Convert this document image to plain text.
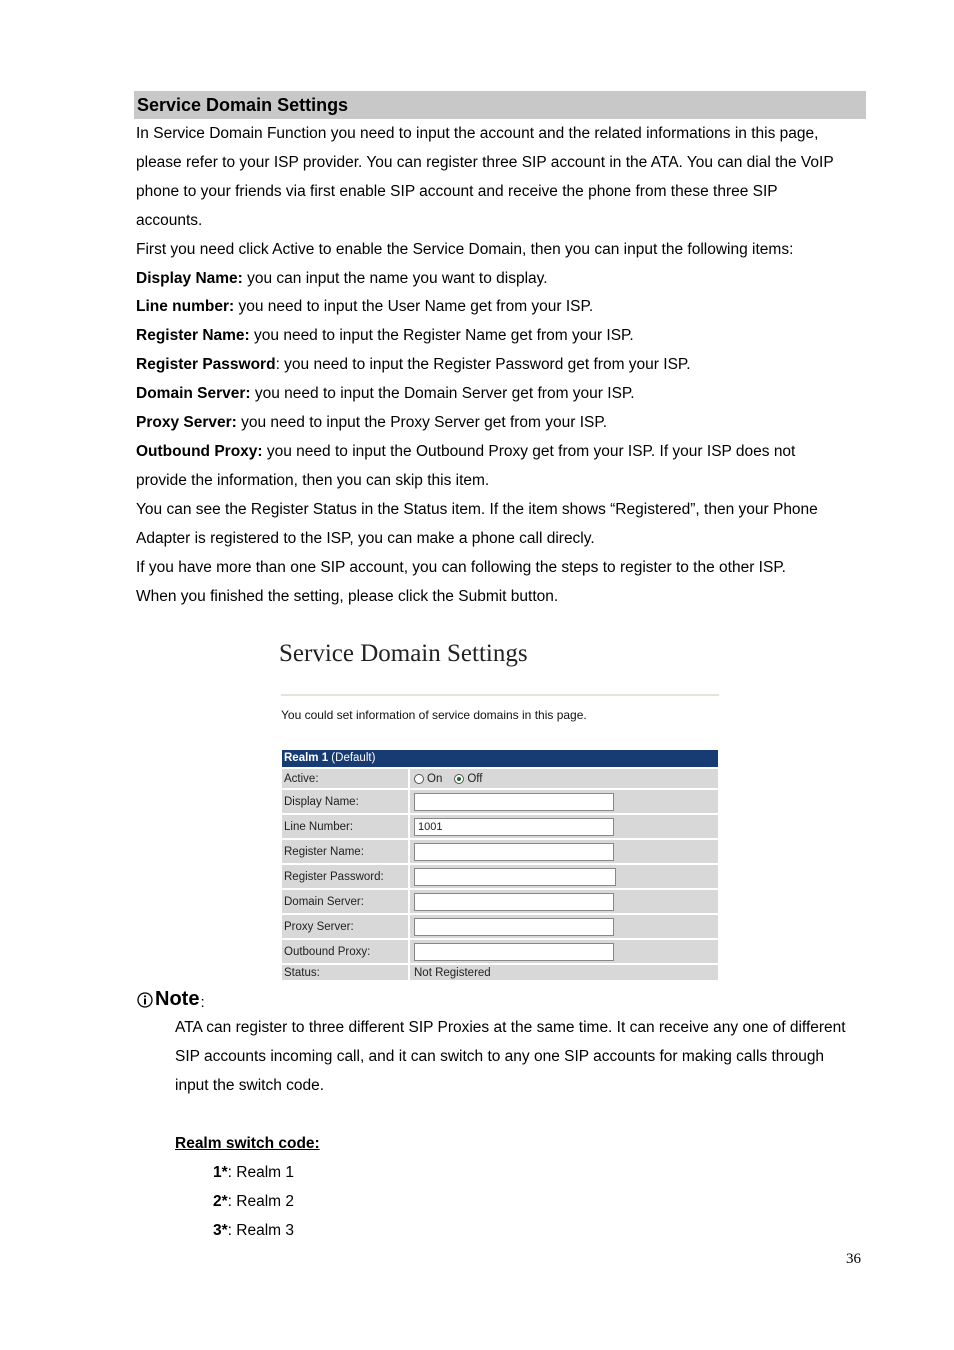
Service Domain Settings

In Service Domain Function you need to input the account and the related informations in this page,

please refer to your ISP provider. You can register three SIP account in the ATA. You can dial the VoIP

phone to your friends via first enable SIP account and receive the phone from these three SIP

accounts.

First you need click Active to enable the Service Domain, then you can input the following items:

Display Name: you can input the name you want to display.

Line number: you need to input the User Name get from your ISP.

Register Name: you need to input the Register Name get from your ISP.

Register Password: you need to input the Register Password get from your ISP.

Domain Server: you need to input the Domain Server get from your ISP.

Proxy Server: you need to input the Proxy Server get from your ISP.

Outbound Proxy: you need to input the Outbound Proxy get from your ISP. If your ISP does not

provide the information, then you can skip this item.

You can see the Register Status in the Status item. If the item shows “Registered”, then your Phone

Adapter is registered to the ISP, you can make a phone call direcly.

If you have more than one SIP account, you can following the steps to register to the other ISP.

When you finished the setting, please click the Submit button.

Service Domain Settings
You could set information of service domains in this page.
Realm 1 (Default)
Active:	On Off
Display Name:
Line Number:	1001
Register Name:
Register Password:
Domain Server:
Proxy Server:
Outbound Proxy:
Status:	Not Registered
Note :

ATA can register to three different SIP Proxies at the same time. It can receive any one of different

SIP accounts incoming call, and it can switch to any one SIP accounts for making calls through

input the switch code.

Realm switch code:
1*: Realm 1
2*: Realm 2
3*: Realm 3
36
